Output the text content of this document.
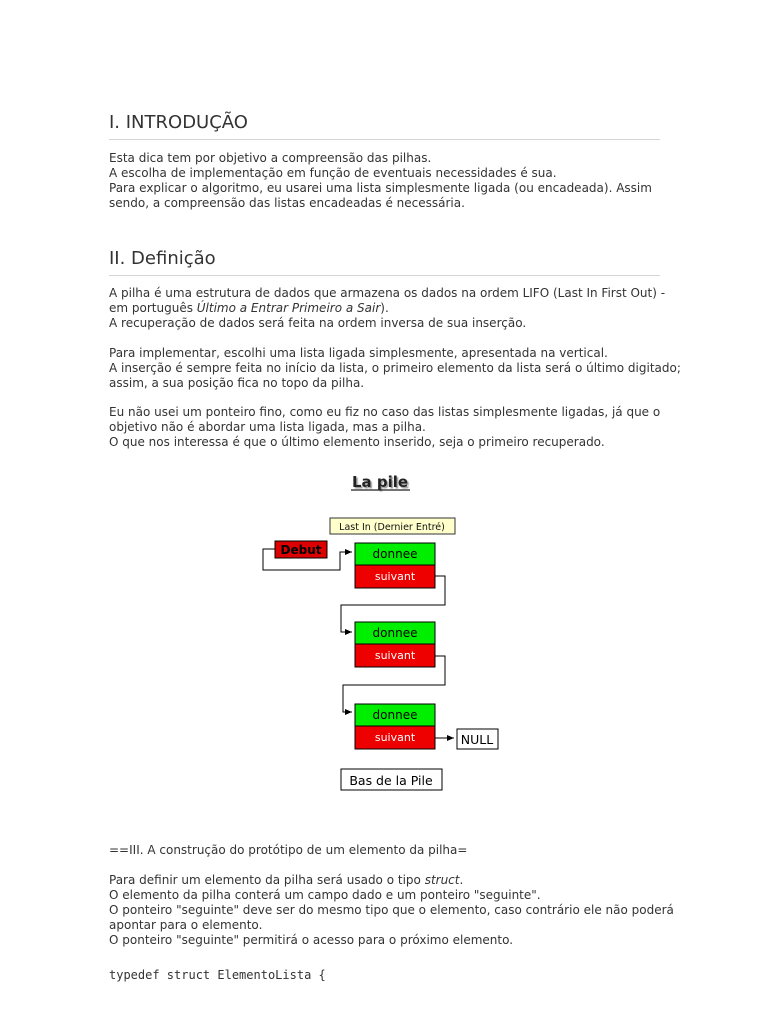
I. INTRODUÇÃO
Esta dica tem por objetivo a compreensão das pilhas.
A escolha de implementação em função de eventuais necessidades é sua.
Para explicar o algoritmo, eu usarei uma lista simplesmente ligada (ou encadeada). Assim
sendo, a compreensão das listas encadeadas é necessária.
II. Definição
A pilha é uma estrutura de dados que armazena os dados na ordem LIFO (Last In First Out) -
em português Último a Entrar Primeiro a Sair).
A recuperação de dados será feita na ordem inversa de sua inserção.
Para implementar, escolhi uma lista ligada simplesmente, apresentada na vertical.
A inserção é sempre feita no início da lista, o primeiro elemento da lista será o último digitado;
assim, a sua posição fica no topo da pilha.
Eu não usei um ponteiro fino, como eu fiz no caso das listas simplesmente ligadas, já que o
objetivo não é abordar uma lista ligada, mas a pilha.
O que nos interessa é que o último elemento inserido, seja o primeiro recuperado.
La pile
Last In (Dernier Entré)
Debut	donnee
suivant
donnee
suivant
donnee
suivant	NULL
Bas de la Pile
==III. A construção do protótipo de um elemento da pilha=
Para definir um elemento da pilha será usado o tipo struct.
O elemento da pilha conterá um campo dado e um ponteiro "seguinte".
O ponteiro "seguinte" deve ser do mesmo tipo que o elemento, caso contrário ele não poderá
apontar para o elemento.
O ponteiro "seguinte" permitirá o acesso para o próximo elemento.
typedef struct ElementoLista {
